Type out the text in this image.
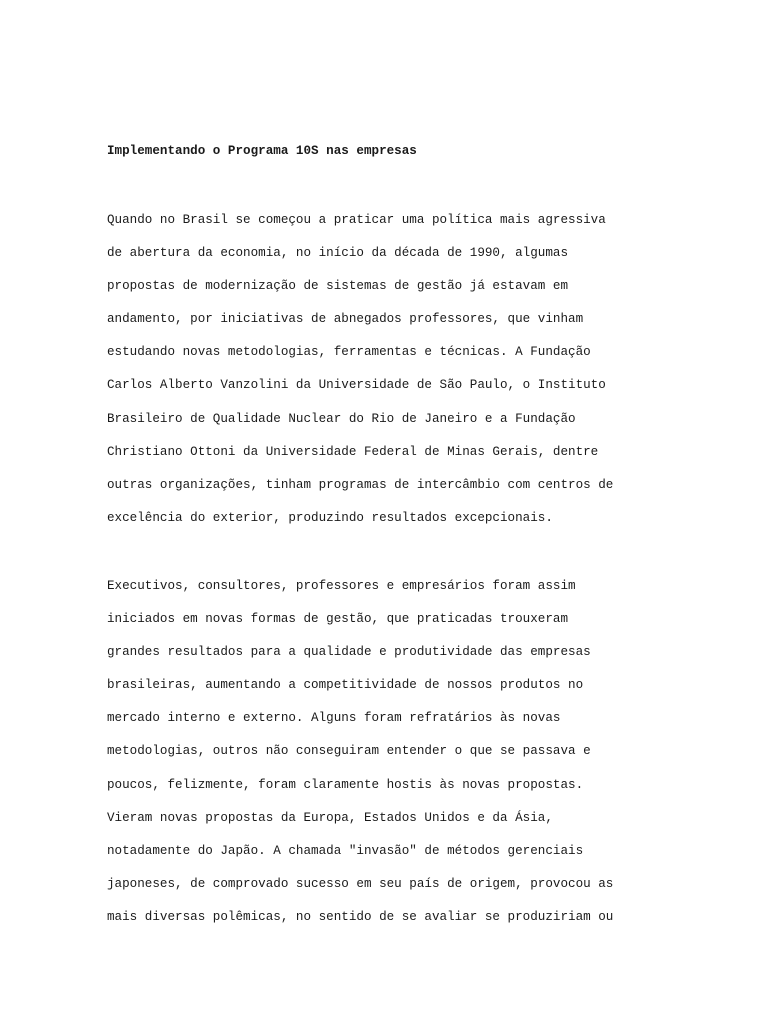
Implementando o Programa 10S nas empresas
Quando no Brasil se começou a praticar uma política mais agressiva
de abertura da economia, no início da década de 1990, algumas
propostas de modernização de sistemas de gestão já estavam em
andamento, por iniciativas de abnegados professores, que vinham
estudando novas metodologias, ferramentas e técnicas. A Fundação
Carlos Alberto Vanzolini da Universidade de São Paulo, o Instituto
Brasileiro de Qualidade Nuclear do Rio de Janeiro e a Fundação
Christiano Ottoni da Universidade Federal de Minas Gerais, dentre
outras organizações, tinham programas de intercâmbio com centros de
excelência do exterior, produzindo resultados excepcionais.
Executivos, consultores, professores e empresários foram assim
iniciados em novas formas de gestão, que praticadas trouxeram
grandes resultados para a qualidade e produtividade das empresas
brasileiras, aumentando a competitividade de nossos produtos no
mercado interno e externo. Alguns foram refratários às novas
metodologias, outros não conseguiram entender o que se passava e
poucos, felizmente, foram claramente hostis às novas propostas.
Vieram novas propostas da Europa, Estados Unidos e da Ásia,
notadamente do Japão. A chamada "invasão" de métodos gerenciais
japoneses, de comprovado sucesso em seu país de origem, provocou as
mais diversas polêmicas, no sentido de se avaliar se produziriam ou
